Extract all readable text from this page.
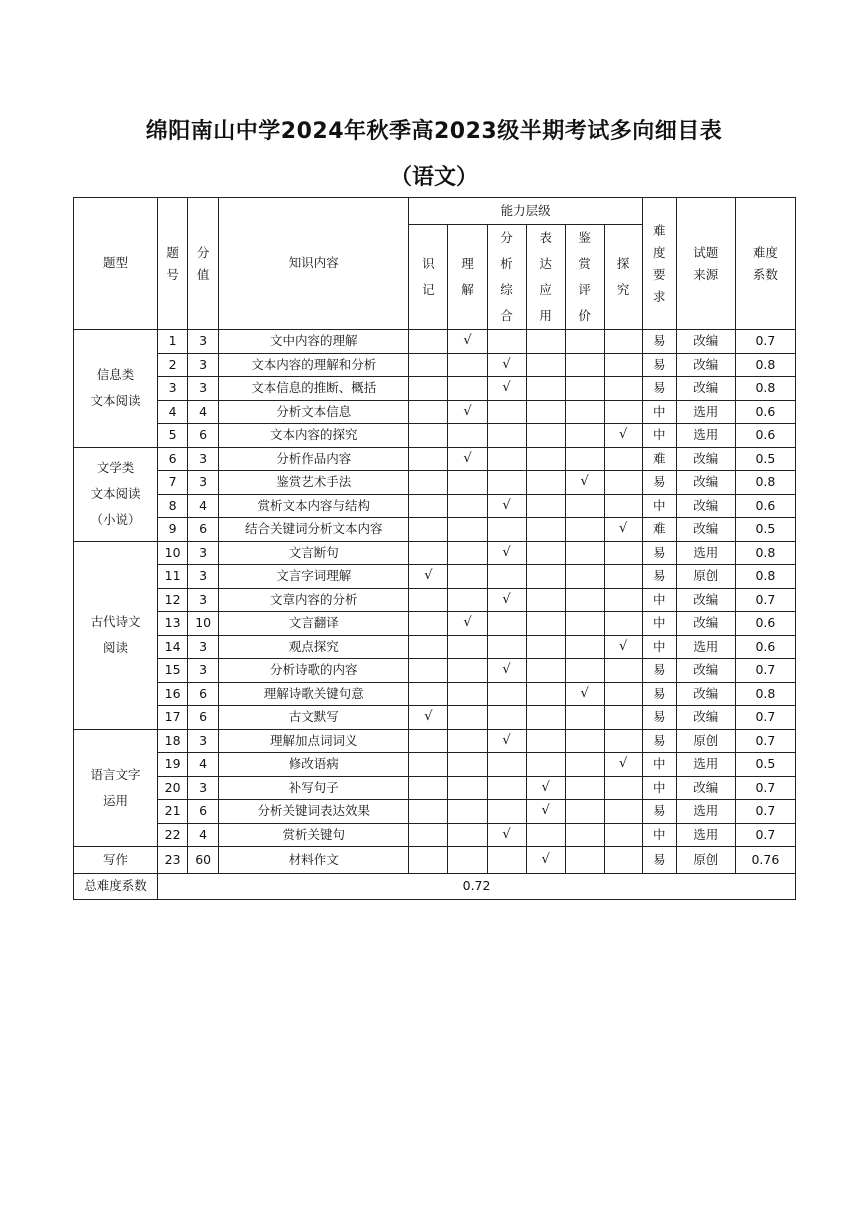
绵阳南山中学2024年秋季高2023级半期考试多向细目表
（语文）
题型	题号	分值	知识内容	能力层级						难度要求	试题来源	难度系数
				识记	理解	分析综合	表达应用	鉴赏评价	探究			

信息类
文本阅读	1	3	文中内容的理解		√					易	改编	0.7
	2	3	文本内容的理解和分析			√				易	改编	0.8
	3	3	文本信息的推断、概括			√				易	改编	0.8
	4	4	分析文本信息		√					中	选用	0.6
	5	6	文本内容的探究						√	中	选用	0.6

文学类
文本阅读
（小说）	6	3	分析作品内容		√					难	改编	0.5
	7	3	鉴赏艺术手法					√		易	改编	0.8
	8	4	赏析文本内容与结构			√				中	改编	0.6
	9	6	结合关键词分析文本内容						√	难	改编	0.5

古代诗文
阅读	10	3	文言断句			√				易	选用	0.8
	11	3	文言字词理解	√						易	原创	0.8
	12	3	文章内容的分析			√				中	改编	0.7
	13	10	文言翻译		√					中	改编	0.6
	14	3	观点探究						√	中	选用	0.6
	15	3	分析诗歌的内容			√				易	改编	0.7
	16	6	理解诗歌关键句意					√		易	改编	0.8
	17	6	古文默写	√						易	改编	0.7

语言文字
运用	18	3	理解加点词词义			√				易	原创	0.7
	19	4	修改语病						√	中	选用	0.5
	20	3	补写句子				√			中	改编	0.7
	21	6	分析关键词表达效果				√			易	选用	0.7
	22	4	赏析关键句			√				中	选用	0.7

写作	23	60	材料作文				√			易	原创	0.76
总难度系数	0.72											
